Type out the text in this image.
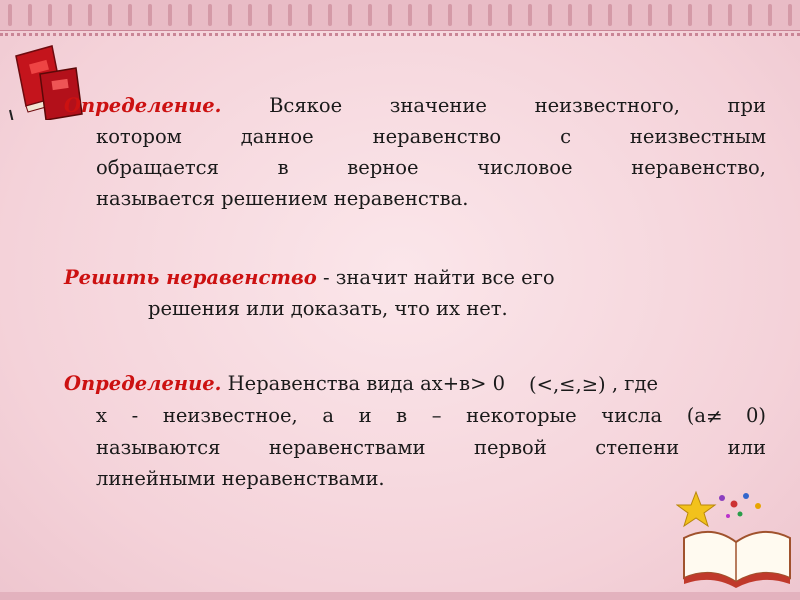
Определение. Всякое значение неизвестного, при
котором данное неравенство с неизвестным
обращается в верное числовое неравенство,
называется решением неравенства.
Решить неравенство - значит найти все его
решения или доказать, что их нет.
Определение. Неравенства вида ах+в> 0 (<,≤,≥) , где
х - неизвестное, а и в – некоторые числа (а≠ 0)
называются неравенствами первой степени или
линейными неравенствами.
